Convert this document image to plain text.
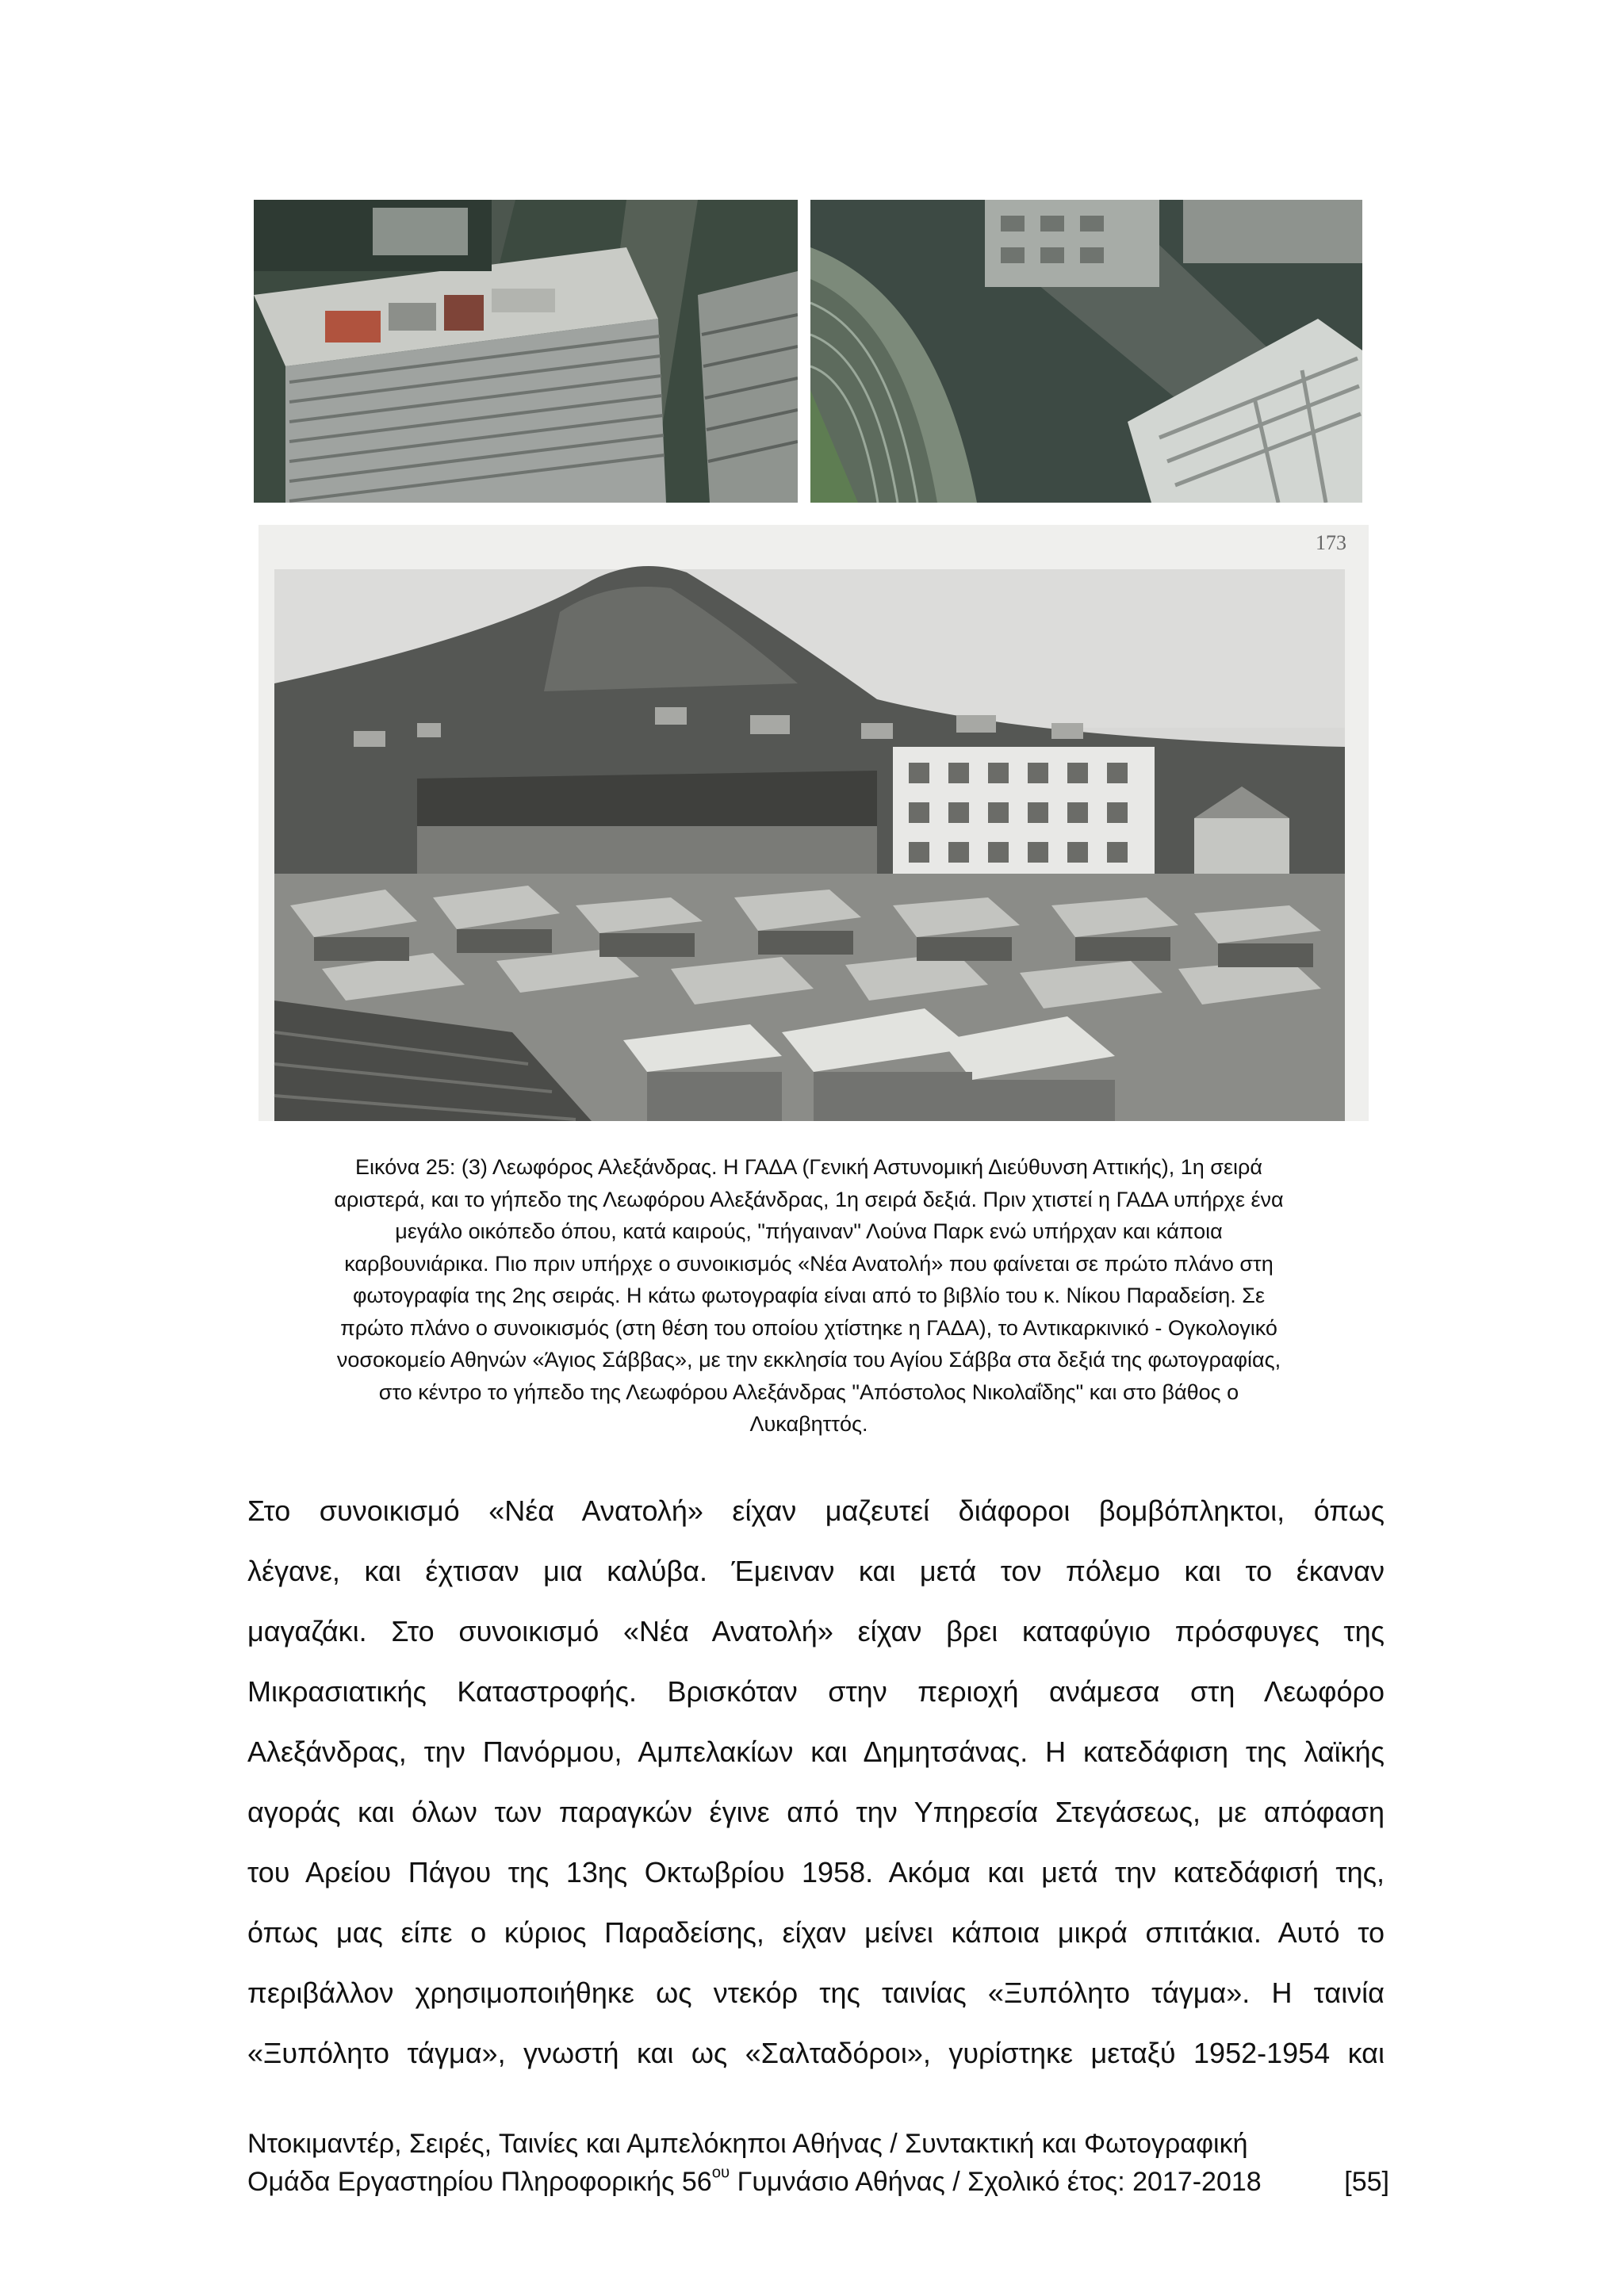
173
Εικόνα 25: (3) Λεωφόρος Αλεξάνδρας. Η ΓΑΔΑ (Γενική Αστυνομική Διεύθυνση Αττικής), 1η σειρά
αριστερά, και το γήπεδο της Λεωφόρου Αλεξάνδρας, 1η σειρά δεξιά. Πριν χτιστεί η ΓΑΔΑ υπήρχε ένα
μεγάλο οικόπεδο όπου, κατά καιρούς, "πήγαιναν" Λούνα Παρκ ενώ υπήρχαν και κάποια
καρβουνιάρικα. Πιο πριν υπήρχε ο συνοικισμός «Νέα Ανατολή» που φαίνεται σε πρώτο πλάνο στη
φωτογραφία της 2ης σειράς. Η κάτω φωτογραφία είναι από το βιβλίο του κ. Νίκου Παραδείση. Σε
πρώτο πλάνο ο συνοικισμός (στη θέση του οποίου χτίστηκε η ΓΑΔΑ), το Αντικαρκινικό - Ογκολογικό
νοσοκομείο Αθηνών «Άγιος Σάββας», με την εκκλησία του Αγίου Σάββα στα δεξιά της φωτογραφίας,
στο κέντρο το γήπεδο της Λεωφόρου Αλεξάνδρας "Απόστολος Νικολαΐδης" και στο βάθος ο
Λυκαβηττός.
Στο συνοικισμό «Νέα Ανατολή» είχαν μαζευτεί διάφοροι βομβόπληκτοι, όπως
λέγανε, και έχτισαν μια καλύβα. Έμειναν και μετά τον πόλεμο και το έκαναν
μαγαζάκι. Στο συνοικισμό «Νέα Ανατολή» είχαν βρει καταφύγιο πρόσφυγες της
Μικρασιατικής Καταστροφής. Βρισκόταν στην περιοχή ανάμεσα στη Λεωφόρο
Αλεξάνδρας, την Πανόρμου, Αμπελακίων και Δημητσάνας. Η κατεδάφιση της λαϊκής
αγοράς και όλων των παραγκών έγινε από την Υπηρεσία Στεγάσεως, με απόφαση
του Αρείου Πάγου της 13ης Οκτωβρίου 1958. Ακόμα και μετά την κατεδάφισή της,
όπως μας είπε ο κύριος Παραδείσης, είχαν μείνει κάποια μικρά σπιτάκια. Αυτό το
περιβάλλον χρησιμοποιήθηκε ως ντεκόρ της ταινίας «Ξυπόλητο τάγμα». Η ταινία
«Ξυπόλητο τάγμα», γνωστή και ως «Σαλταδόροι», γυρίστηκε μεταξύ 1952-1954 και
Ντοκιμαντέρ, Σειρές, Ταινίες και Αμπελόκηποι Αθήνας / Συντακτική και Φωτογραφική
Ομάδα Εργαστηρίου Πληροφορικής $56^{o\upsilon}$ Γυμνάσιο Αθήνας / Σχολικό έτος: 2017-2018	[55]
